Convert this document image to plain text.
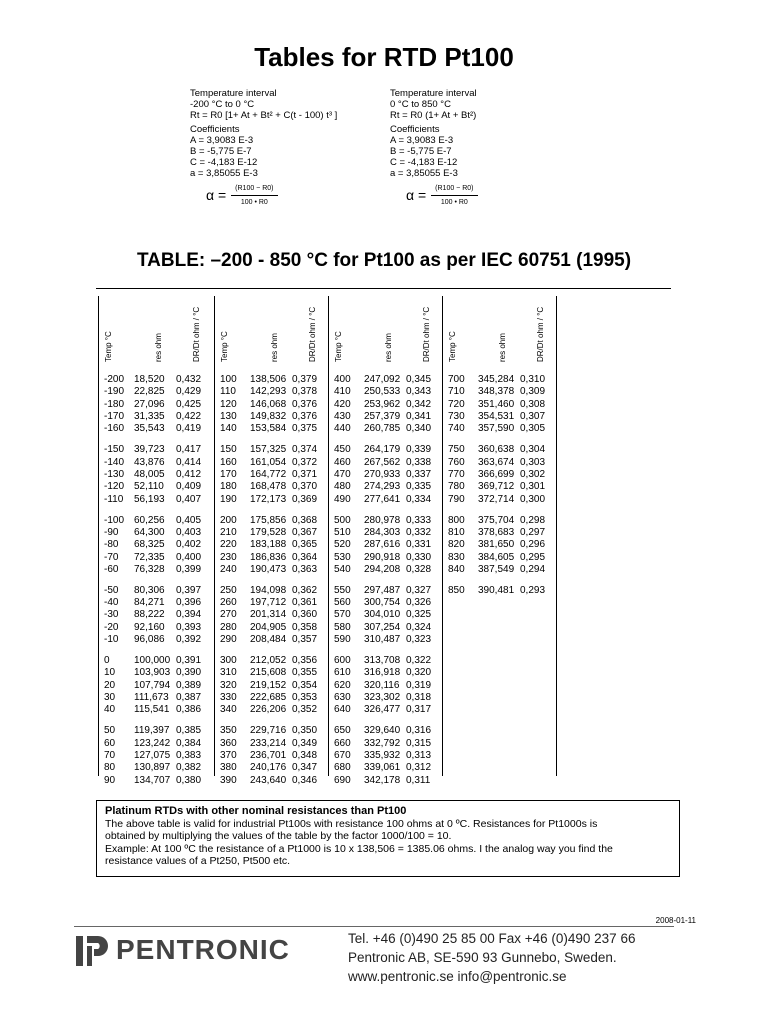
Tables for RTD Pt100
Temperature interval
-200 °C to 0 °C
Rt = R0 [1+ At + Bt² + C(t - 100) t³ ]
Coefficients
A = 3,9083 E-3
B = -5,775 E-7
C = -4,183 E-12
a = 3,85055 E-3
$\alpha = \frac{(R100 - R0)}{100 • R0}$
Temperature interval
0 °C to 850 °C
Rt = R0 (1+ At + Bt²)
Coefficients
A = 3,9083 E-3
B = -5,775 E-7
C = -4,183 E-12
a = 3,85055 E-3
$\alpha = \frac{(R100 - R0)}{100 • R0}$
TABLE: –200 - 850 °C for Pt100 as per IEC 60751 (1995)
Temp °C	res ohm	DR/Dt ohm / °C
-200 18,520 0,432
-190 22,825 0,429
-180 27,096 0,425
-170 31,335 0,422
-160 35,543 0,419
-150 39,723 0,417
-140 43,876 0,414
-130 48,005 0,412
-120 52,110 0,409
-110 56,193 0,407
-100 60,256 0,405
-90 64,300 0,403
-80 68,325 0,402
-70 72,335 0,400
-60 76,328 0,399
-50 80,306 0,397
-40 84,271 0,396
-30 88,222 0,394
-20 92,160 0,393
-10 96,086 0,392
0 100,000 0,391
10 103,903 0,390
20 107,794 0,389
30 111,673 0,387
40 115,541 0,386
50 119,397 0,385
60 123,242 0,384
70 127,075 0,383
80 130,897 0,382
90 134,707 0,380
Temp °C	res ohm	DR/Dt ohm / °C
100 138,506 0,379
110 142,293 0,378
120 146,068 0,376
130 149,832 0,376
140 153,584 0,375
150 157,325 0,374
160 161,054 0,372
170 164,772 0,371
180 168,478 0,370
190 172,173 0,369
200 175,856 0,368
210 179,528 0,367
220 183,188 0,365
230 186,836 0,364
240 190,473 0,363
250 194,098 0,362
260 197,712 0,361
270 201,314 0,360
280 204,905 0,358
290 208,484 0,357
300 212,052 0,356
310 215,608 0,355
320 219,152 0,354
330 222,685 0,353
340 226,206 0,352
350 229,716 0,350
360 233,214 0,349
370 236,701 0,348
380 240,176 0,347
390 243,640 0,346
Temp °C	res ohm	DR/Dt ohm / °C
400 247,092 0,345
410 250,533 0,343
420 253,962 0,342
430 257,379 0,341
440 260,785 0,340
450 264,179 0,339
460 267,562 0,338
470 270,933 0,337
480 274,293 0,335
490 277,641 0,334
500 280,978 0,333
510 284,303 0,332
520 287,616 0,331
530 290,918 0,330
540 294,208 0,328
550 297,487 0,327
560 300,754 0,326
570 304,010 0,325
580 307,254 0,324
590 310,487 0,323
600 313,708 0,322
610 316,918 0,320
620 320,116 0,319
630 323,302 0,318
640 326,477 0,317
650 329,640 0,316
660 332,792 0,315
670 335,932 0,313
680 339,061 0,312
690 342,178 0,311
Temp °C	res ohm	DR/Dt ohm / °C
700 345,284 0,310
710 348,378 0,309
720 351,460 0,308
730 354,531 0,307
740 357,590 0,305
750 360,638 0,304
760 363,674 0,303
770 366,699 0,302
780 369,712 0,301
790 372,714 0,300
800 375,704 0,298
810 378,683 0,297
820 381,650 0,296
830 384,605 0,295
840 387,549 0,294
850 390,481 0,293
Platinum RTDs with other nominal resistances than Pt100
The above table is valid for industrial Pt100s with resistance 100 ohms at 0 ºC. Resistances for Pt1000s is
obtained by multiplying the values of the table by the factor 1000/100 = 10.
Example: At 100 ºC the resistance of a Pt1000 is 10 x 138,506 = 1385.06 ohms. I the analog way you find the
resistance values of a Pt250, Pt500 etc.
2008-01-11
PENTRONIC	Tel. +46 (0)490 25 85 00 Fax +46 (0)490 237 66
Pentronic AB, SE-590 93 Gunnebo, Sweden.
www.pentronic.se info@pentronic.se
